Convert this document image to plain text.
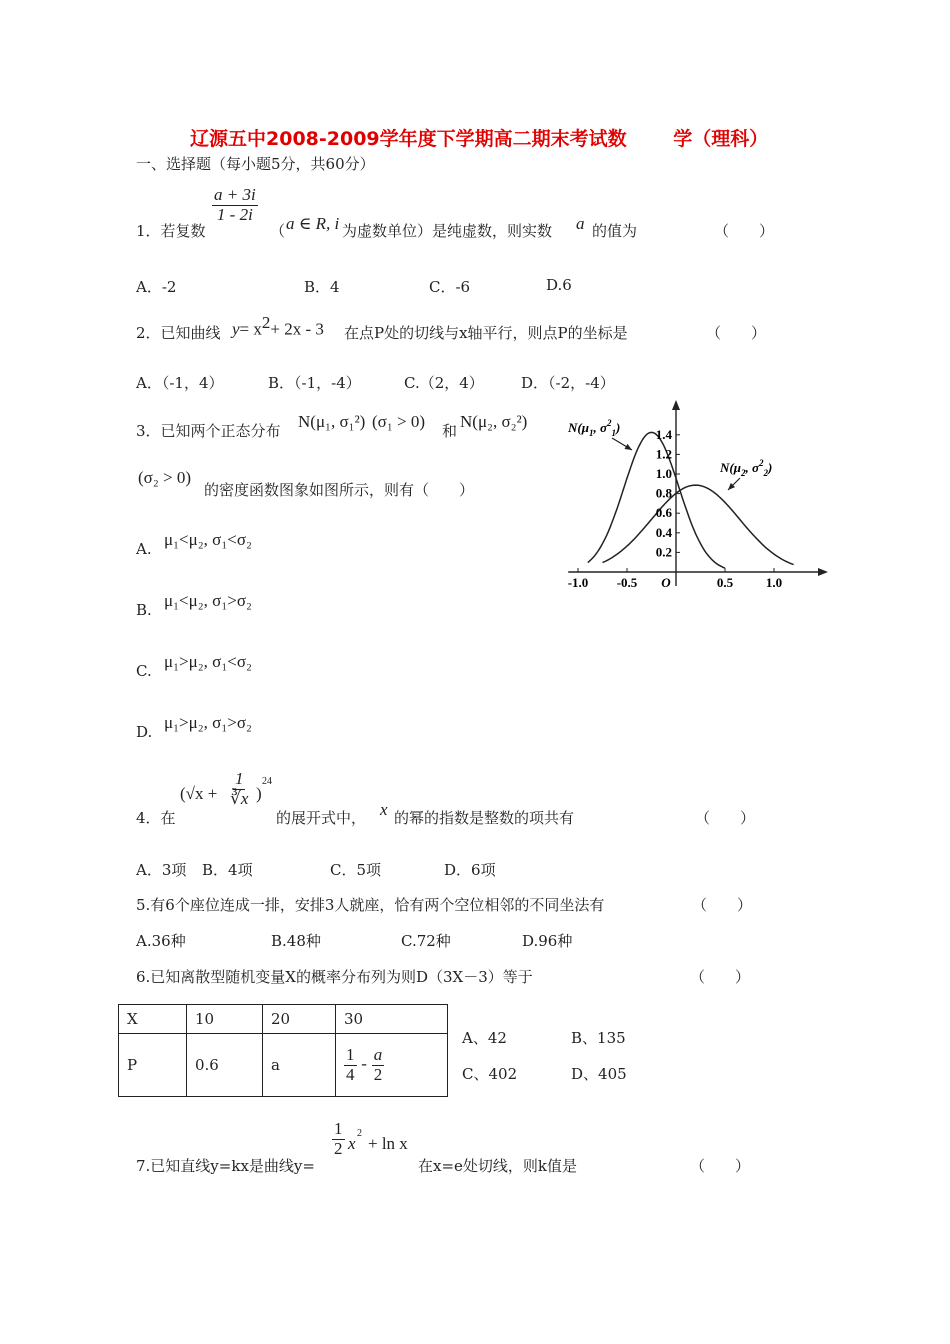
辽源五中2008-2009学年度下学期高二期末考试数 学（理科）
一、选择题（每小题5分，共60分）
1．若复数
$\frac{a + 3i}{1 - 2i}$
（ a ∈ R, i 为虚数单位）是纯虚数，则实数 a 的值为	（　　）
A．-2	B．4	C．-6	D.6
2．已知曲线 $y= x^2+ 2x - 3$ 在点P处的切线与x轴平行，则点P的坐标是	（　　）
A．（-1，4）	B．（-1，-4）	C.（2，4） D．（-2，-4）
3．已知两个正态分布 N(μ₁, σ₁²) (σ₁ > 0) 和 N(μ₂, σ₂²)
(σ₂ > 0)
的密度函数图象如图所示，则有（　　）
A. μ₁<μ₂, σ₁<σ₂
B. μ₁<μ₂, σ₁>σ₂
C. μ₁>μ₂, σ₁<σ₂
D. μ₁>μ₂, σ₁>σ₂
-1.0 -0.5	0.5	1.0
O
0.2
0.4
0.6
0.8
1.0
1.2
1.4
$N(\mu_1$, $\sigma^2_1$)
$N(\mu_2$, $\sigma^2_2$)
4．在
($√x + \frac{1}{∛x}$ )
24
的展开式中， x 的幂的指数是整数的项共有	（　　）
A．3项 B．4项	C．5项	D．6项
5.有6个座位连成一排，安排3人就座，恰有两个空位相邻的不同坐法有	（　　）
A.36种	B.48种	C.72种	D.96种
6.已知离散型随机变量X的概率分布列为则D（3X－3）等于	（　　）
X	10	20	30
P	0.6	a	$\frac{1}{4} - \frac{a}{2}$
A、42	B、135
C、402	D、405
7.已知直线y=kx是曲线y=
$\frac{1}{2}$ x
2
+ ln x
在x=e处切线，则k值是	（　　）
